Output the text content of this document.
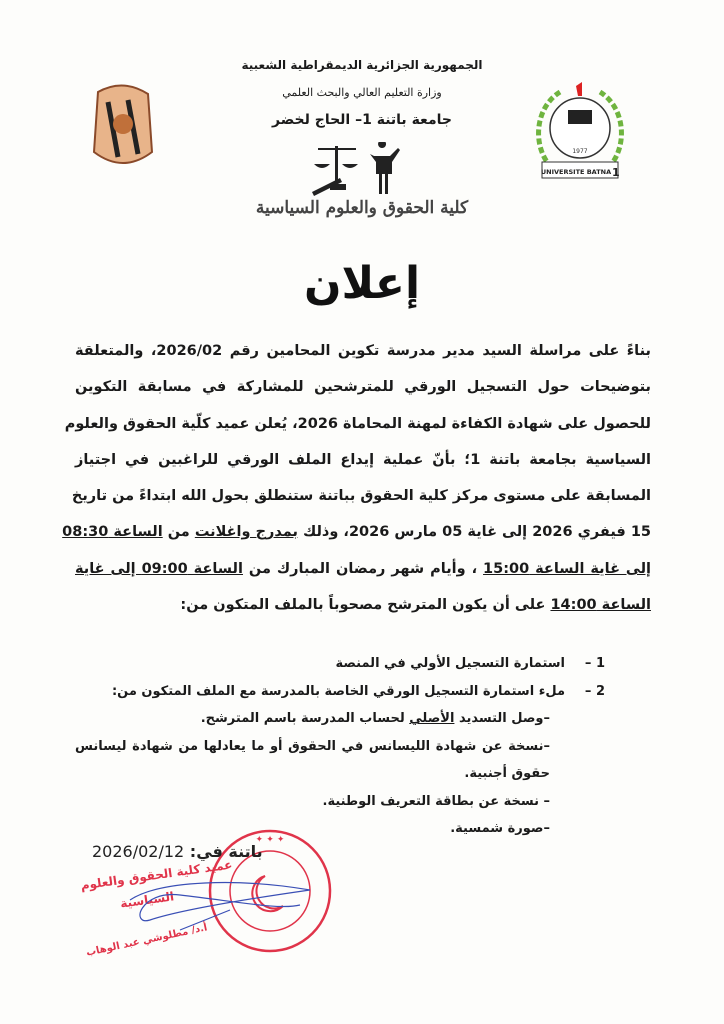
1977
UNIVERSITE BATNA 1
الجمهورية الجزائرية الديمقراطية الشعبية
وزارة التعليم العالي والبحث العلمي
جامعة باتنة 1– الحاج لخضر
كلية الحقوق والعلوم السياسية
إعلان
بناءً على مراسلة السيد مدير مدرسة تكوين المحامين رقم 2026/02، والمتعلقة
بتوضيحات حول التسجيل الورقي للمترشحين للمشاركة في مسابقة التكوين
للحصول على شهادة الكفاءة لمهنة المحاماة 2026، يُعلن عميد كلّية الحقوق والعلوم
السياسية بجامعة باتنة 1؛ بأنّ عملية إيداع الملف الورقي للراغبين في اجتياز
المسابقة على مستوى مركز كلية الحقوق بباتنة ستنطلق بحول الله ابتداءً من تاريخ
15 فيفري 2026 إلى غاية 05 مارس 2026، وذلك بمدرج واغلانت من الساعة 08:30
إلى غاية الساعة 15:00 ، وأيام شهر رمضان المبارك من الساعة 09:00 إلى غاية
الساعة 14:00 على أن يكون المترشح مصحوباً بالملف المتكون من:
1 –استمارة التسجيل الأولي في المنصة
2 –ملء استمارة التسجيل الورقي الخاصة بالمدرسة مع الملف المتكون من:
–وصل التسديد الأصلي لحساب المدرسة باسم المترشح.
–نسخة عن شهادة الليسانس في الحقوق أو ما يعادلها من شهادة ليسانس
حقوق أجنبية.
– نسخة عن بطاقة التعريف الوطنية.
–صورة شمسية.
✦ ✦ ✦
باتنة في: 2026/02/12
عميد كلية الحقوق والعلوم
السياسية
أ.د/ مطلوشي عبد الوهاب
